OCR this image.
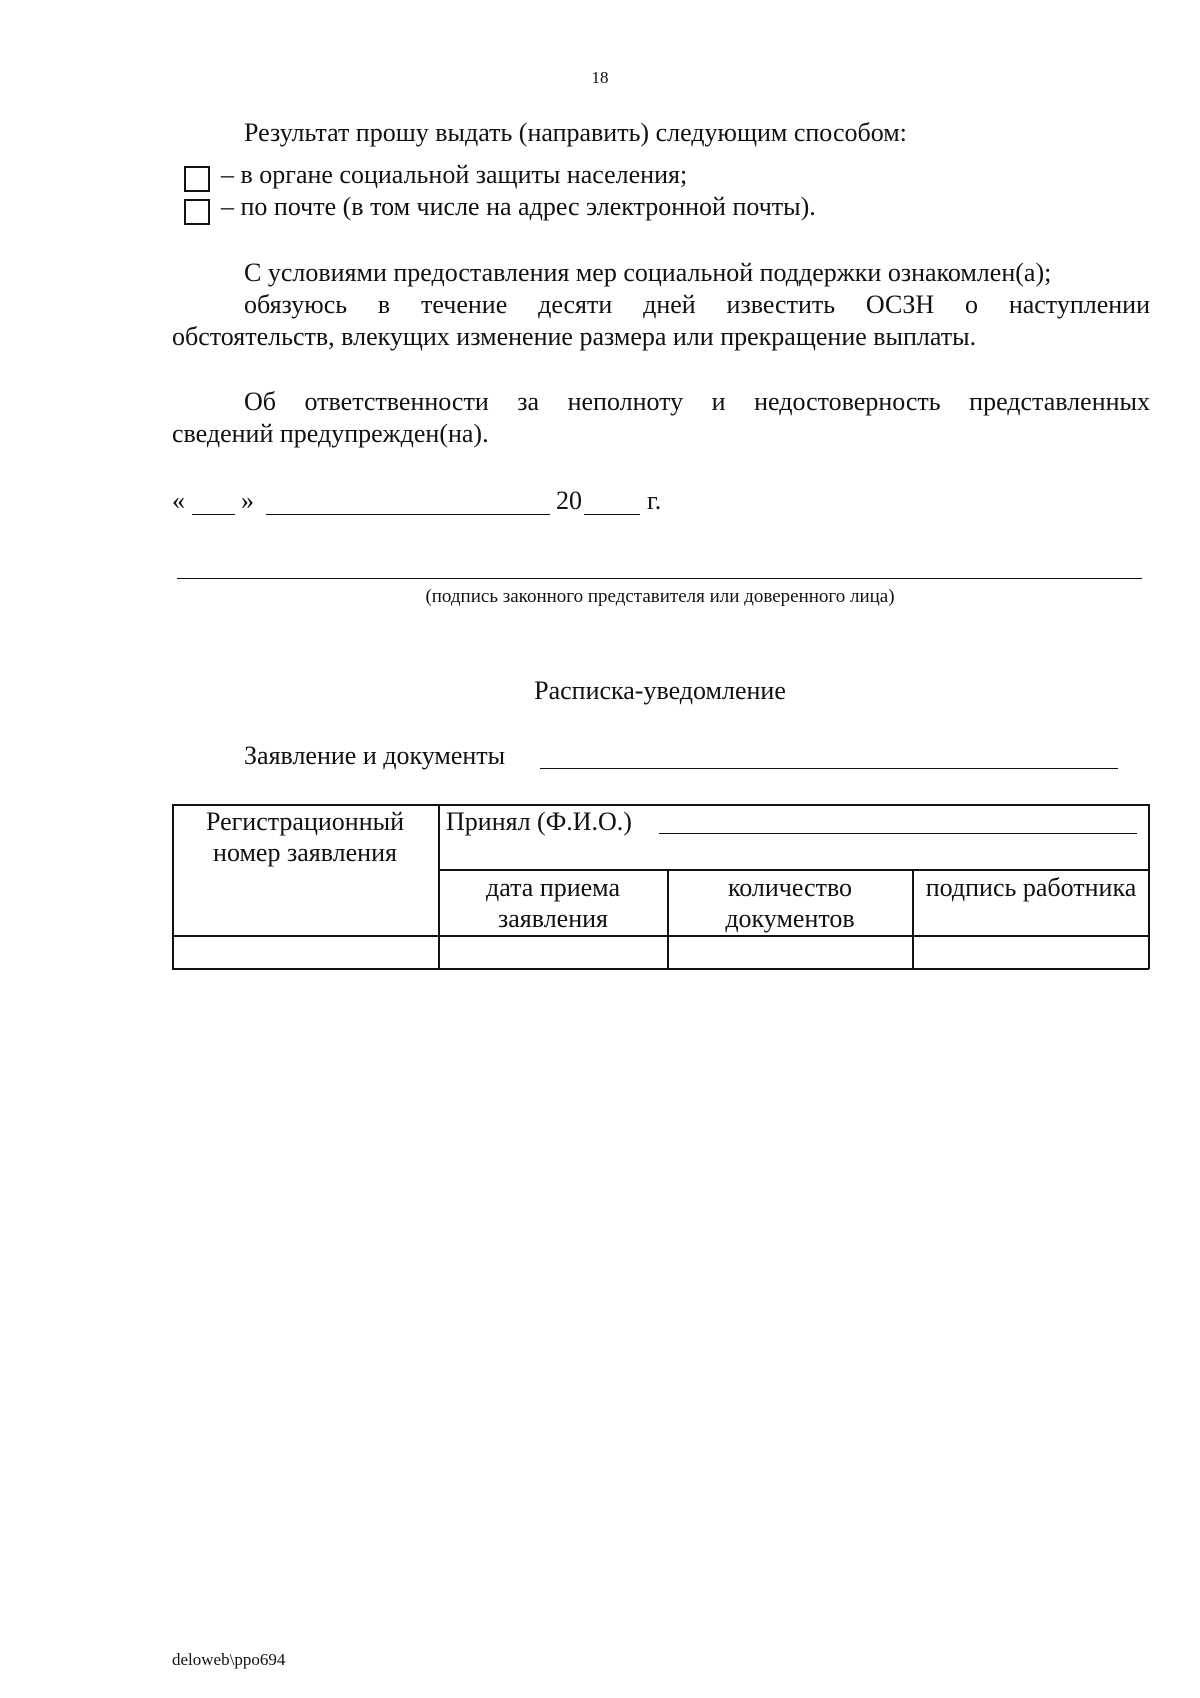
18
Результат прошу выдать (направить) следующим способом:
– в органе социальной защиты населения;
– по почте (в том числе на адрес электронной почты).
С условиями предоставления мер социальной поддержки ознакомлен(а);
обязуюсь в течение десяти дней известить ОСЗН о наступлении
обстоятельств, влекущих изменение размера или прекращение выплаты.
Об ответственности за неполноту и недостоверность представленных
сведений предупрежден(на).
« »	20	г.
(подпись законного представителя или доверенного лица)
Расписка-уведомление
Заявление и документы
Регистрационный номер заявления
Принял (Ф.И.О.)
дата приема заявления
количество документов
подпись работника
deloweb\ppo694
